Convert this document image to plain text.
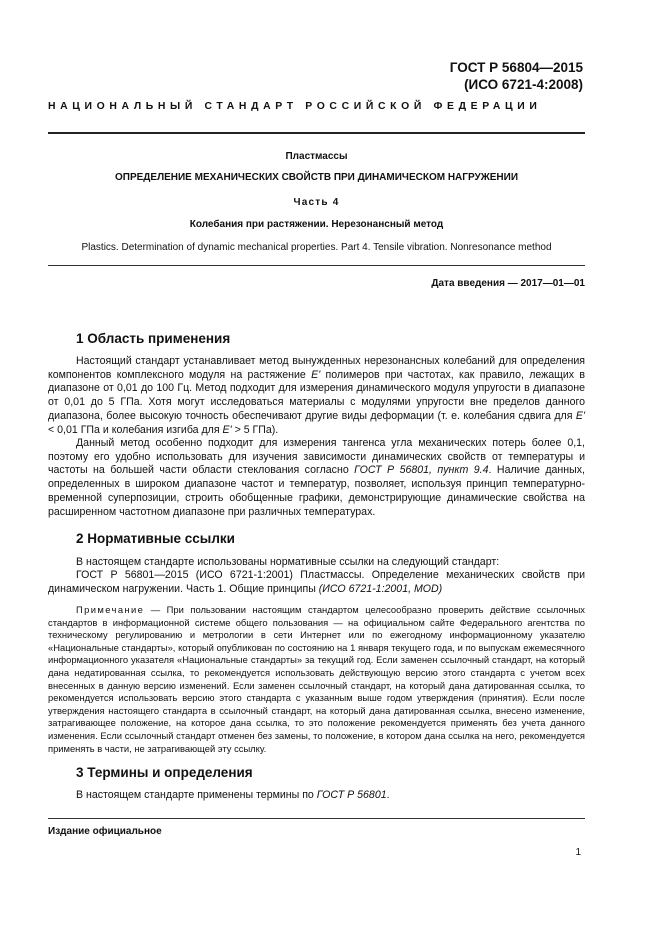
ГОСТ Р 56804—2015
(ИСО 6721-4:2008)
НАЦИОНАЛЬНЫЙ СТАНДАРТ РОССИЙСКОЙ ФЕДЕРАЦИИ
Пластмассы
ОПРЕДЕЛЕНИЕ МЕХАНИЧЕСКИХ СВОЙСТВ ПРИ ДИНАМИЧЕСКОМ НАГРУЖЕНИИ
Часть 4
Колебания при растяжении. Нерезонансный метод
Plastics. Determination of dynamic mechanical properties. Part 4. Tensile vibration. Nonresonance method
Дата введения — 2017—01—01
1 Область применения

Настоящий стандарт устанавливает метод вынужденных нерезонансных колебаний для определения компонентов комплексного модуля на растяжение E' полимеров при частотах, как правило, лежащих в диапазоне от 0,01 до 100 Гц. Метод подходит для измерения динамического модуля упругости в диапазоне от 0,01 до 5 ГПа. Хотя могут исследоваться материалы с модулями упругости вне пределов данного диапазона, более высокую точность обеспечивают другие виды деформации (т. е. колебания сдвига для E' < 0,01 ГПа и колебания изгиба для E' > 5 ГПа).

Данный метод особенно подходит для измерения тангенса угла механических потерь более 0,1, поэтому его удобно использовать для изучения зависимости динамических свойств от температуры и частоты на большей части области стеклования согласно ГОСТ Р 56801, пункт 9.4. Наличие данных, определенных в широком диапазоне частот и температур, позволяет, используя принцип температурно-временной суперпозиции, строить обобщенные графики, демонстрирующие динамические свойства на расширенном частотном диапазоне при различных температурах.

2 Нормативные ссылки

В настоящем стандарте использованы нормативные ссылки на следующий стандарт:

ГОСТ Р 56801—2015 (ИСО 6721-1:2001) Пластмассы. Определение механических свойств при динамическом нагружении. Часть 1. Общие принципы (ИСО 6721-1:2001, MOD)

Примечание — При пользовании настоящим стандартом целесообразно проверить действие ссылочных стандартов в информационной системе общего пользования — на официальном сайте Федерального агентства по техническому регулированию и метрологии в сети Интернет или по ежегодному информационному указателю «Национальные стандарты», который опубликован по состоянию на 1 января текущего года, и по выпускам ежемесячного информационного указателя «Национальные стандарты» за текущий год. Если заменен ссылочный стандарт, на который дана недатированная ссылка, то рекомендуется использовать действующую версию этого стандарта с учетом всех внесенных в данную версию изменений. Если заменен ссылочный стандарт, на который дана датированная ссылка, то рекомендуется использовать версию этого стандарта с указанным выше годом утверждения (принятия). Если после утверждения настоящего стандарта в ссылочный стандарт, на который дана датированная ссылка, внесено изменение, затрагивающее положение, на которое дана ссылка, то это положение рекомендуется применять без учета данного изменения. Если ссылочный стандарт отменен без замены, то положение, в котором дана ссылка на него, рекомендуется применять в части, не затрагивающей эту ссылку.

3 Термины и определения

В настоящем стандарте применены термины по ГОСТ Р 56801.

Издание официальное
1
